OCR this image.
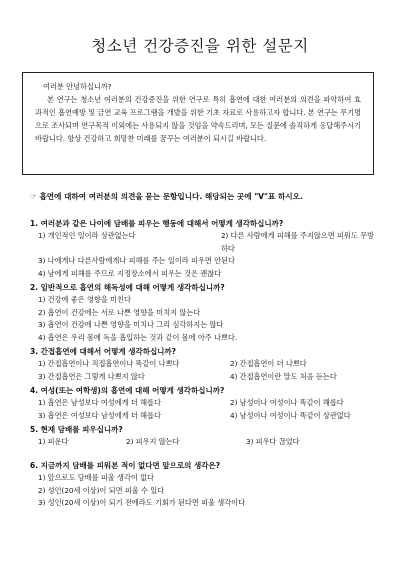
청소년 건강증진을 위한 설문지
여러분 안녕하십니까?
본 연구는 청소년 여러분의 건강증진을 위한 연구로 특히 흡연에 대한 여러분의 의견을 파악하여 효과적인 흡연예방 및 금연 교육 프로그램을 개발을 위한 기초 자료로 사용하고자 합니다. 본 연구는 무기명으로 조사되며 연구목적 이외에는 사용되지 않을 것임을 약속드리며, 모든 질문에 솔직하게 응답해주시기 바랍니다. 항상 건강하고 희망찬 미래를 꿈꾸는 여러분이 되시길 바랍니다.
☞ 흡연에 대하여 여러분의 의견을 묻는 문항입니다. 해당되는 곳에 "V"표 하시오.
1. 여러분과 같은 나이에 담배를 피우는 행동에 대해서 어떻게 생각하십니까?
1) 개인적인 일이라 상관없는다	2) 다른 사람에게 피해를 주지않으면 피워도 무방하다
3) 나에게나 다른사람에게나 피해를 주는 일이라 피우면 안된다
4) 남에게 피해를 주므로 지정장소에서 피우는 것은 괜찮다
2. 일반적으로 흡연의 해독성에 대해 어떻게 생각하십니까?
1) 건강에 좋은 영향을 미친다
2) 흡연이 건강에는 서로 나쁜 영향을 미치지 않는다
3) 흡연이 건강에 나쁜 영향을 미치나 그리 심각하지는 않다
4) 흡연은 우리 몸에 독을 흡입하는 것과 같이 몸에 아주 나쁘다.
3. 간접흡연에 대해서 어떻게 생각하십니까?
1) 간접흡연이나 직접흡연이나 똑같이 나쁘다	2) 간접흡연이 더 나쁘다
3) 간접흡연은 그렇게 나쁘지 않다	4) 간접흡연이란 말도 처음 듣는다
4. 여성(또는 여학생)의 흡연에 대해 어떻게 생각하십니까?
1) 흡연은 남성보다 여성에게 더 해롭다	2) 남성이나 여성이나 똑같이 해롭다
3) 흡연은 여성보다 남성에게 더 해롭다	4) 남성이나 여성이나 똑같이 상관없다
5. 현재 담배를 피우십니까?
1) 피운다	2) 피우지 않는다	3) 피우다 끊었다
6. 지금까지 담배를 피워본 적이 없다면 앞으로의 생각은?
1) 앞으로도 담배를 피울 생각이 없다
2) 성인(20세 이상)이 되면 피울 수 있다
3) 성인(20세 이상)이 되기 전에라도 기회가 된다면 피울 생각이다
